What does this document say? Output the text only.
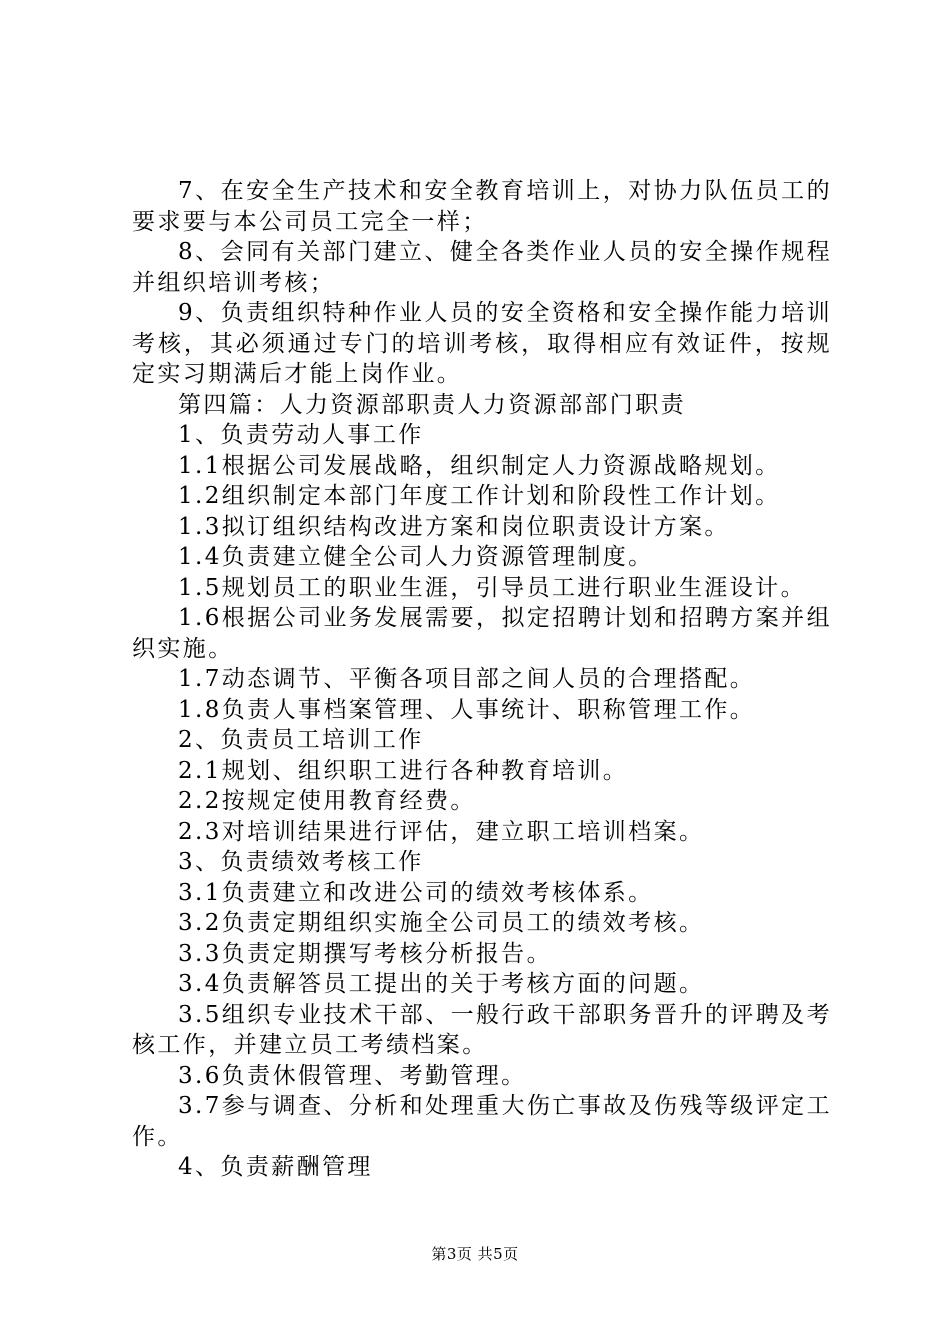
7、在安全生产技术和安全教育培训上，对协力队伍员工的要求要与本公司员工完全一样；

8、会同有关部门建立、健全各类作业人员的安全操作规程并组织培训考核；

9、负责组织特种作业人员的安全资格和安全操作能力培训考核，其必须通过专门的培训考核，取得相应有效证件，按规定实习期满后才能上岗作业。

第四篇：人力资源部职责人力资源部部门职责

1、负责劳动人事工作

1.1根据公司发展战略，组织制定人力资源战略规划。

1.2组织制定本部门年度工作计划和阶段性工作计划。

1.3拟订组织结构改进方案和岗位职责设计方案。

1.4负责建立健全公司人力资源管理制度。

1.5规划员工的职业生涯，引导员工进行职业生涯设计。

1.6根据公司业务发展需要，拟定招聘计划和招聘方案并组织实施。

1.7动态调节、平衡各项目部之间人员的合理搭配。

1.8负责人事档案管理、人事统计、职称管理工作。

2、负责员工培训工作

2.1规划、组织职工进行各种教育培训。

2.2按规定使用教育经费。

2.3对培训结果进行评估，建立职工培训档案。

3、负责绩效考核工作

3.1负责建立和改进公司的绩效考核体系。

3.2负责定期组织实施全公司员工的绩效考核。

3.3负责定期撰写考核分析报告。

3.4负责解答员工提出的关于考核方面的问题。

3.5组织专业技术干部、一般行政干部职务晋升的评聘及考核工作，并建立员工考绩档案。

3.6负责休假管理、考勤管理。

3.7参与调查、分析和处理重大伤亡事故及伤残等级评定工作。

4、负责薪酬管理

第3页 共5页
